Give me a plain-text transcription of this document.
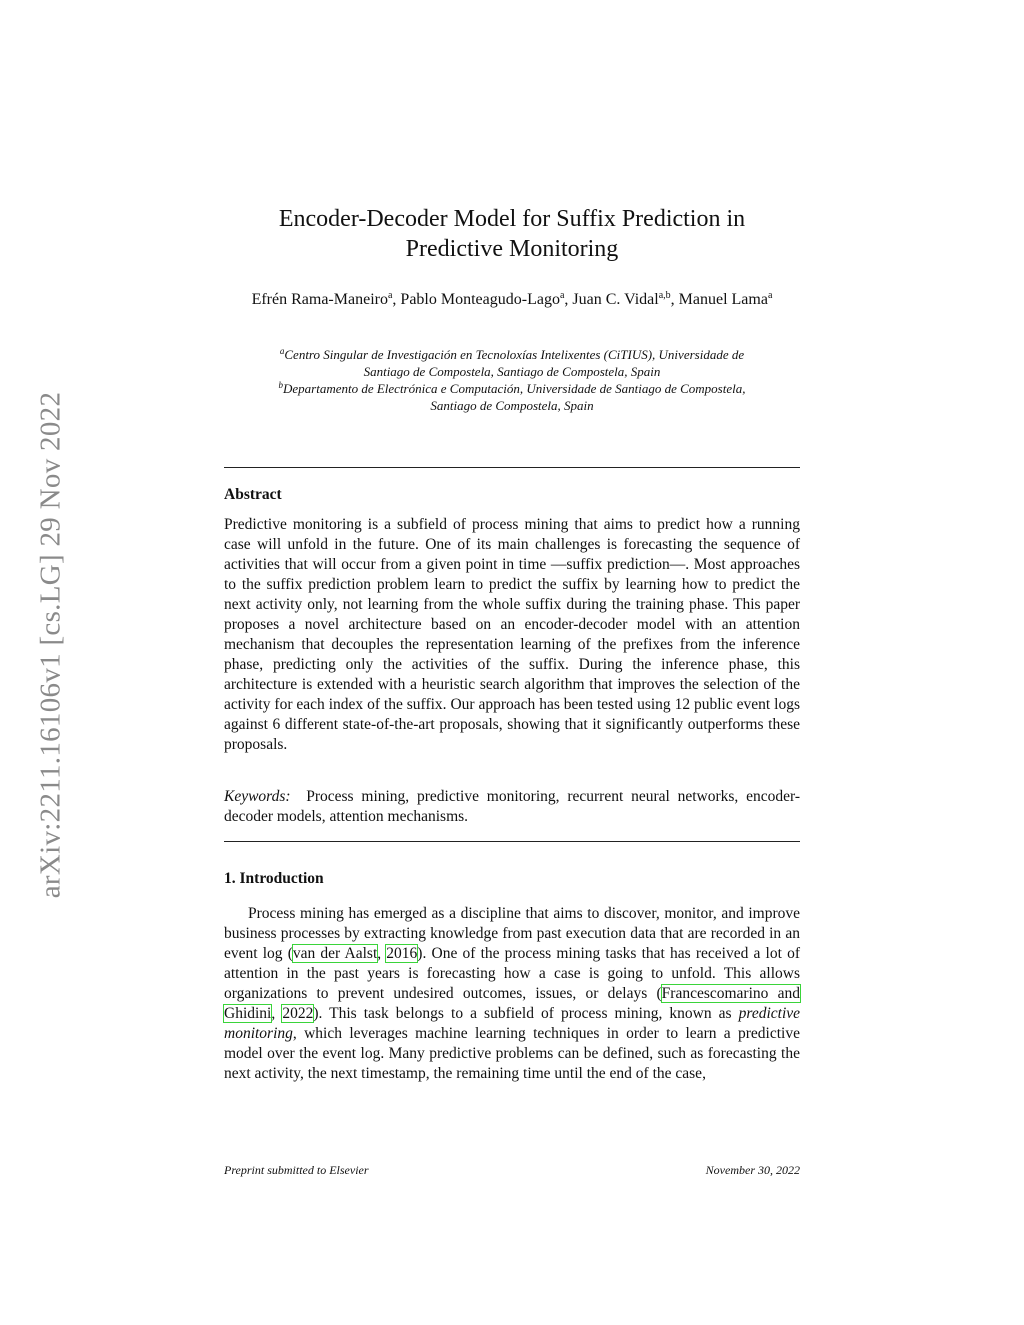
arXiv:2211.16106v1 [cs.LG] 29 Nov 2022
Encoder-Decoder Model for Suffix Prediction in
Predictive Monitoring
Efrén Rama-Maneiro$^a$, Pablo Monteagudo-Lago$^a$, Juan C. Vidal$^{a,b}$, Manuel Lama$^a$
$^a$Centro Singular de Investigación en Tecnoloxías Intelixentes (CiTIUS), Universidade de
Santiago de Compostela, Santiago de Compostela, Spain
$^b$Departamento de Electrónica e Computación, Universidade de Santiago de Compostela,
Santiago de Compostela, Spain
Abstract
Predictive monitoring is a subfield of process mining that aims to predict how a running case will unfold in the future. One of its main challenges is forecasting the sequence of activities that will occur from a given point in time —suffix prediction—. Most approaches to the suffix prediction problem learn to predict the suffix by learning how to predict the next activity only, not learning from the whole suffix during the training phase. This paper proposes a novel architecture based on an encoder-decoder model with an attention mechanism that decouples the representation learning of the prefixes from the inference phase, predicting only the activities of the suffix. During the inference phase, this architecture is extended with a heuristic search algorithm that improves the selection of the activity for each index of the suffix. Our approach has been tested using 12 public event logs against 6 different state-of-the-art proposals, showing that it significantly outperforms these proposals.
Keywords: Process mining, predictive monitoring, recurrent neural networks, encoder-decoder models, attention mechanisms.
1. Introduction
Process mining has emerged as a discipline that aims to discover, monitor, and improve business processes by extracting knowledge from past execution data that are recorded in an event log (van der Aalst, 2016). One of the process mining tasks that has received a lot of attention in the past years is forecasting how a case is going to unfold. This allows organizations to prevent undesired outcomes, issues, or delays (Francescomarino and Ghidini, 2022). This task belongs to a subfield of process mining, known as predictive monitoring, which leverages machine learning techniques in order to learn a predictive model over the event log. Many predictive problems can be defined, such as forecasting the next activity, the next timestamp, the remaining time until the end of the case,
Preprint submitted to Elsevier	November 30, 2022
